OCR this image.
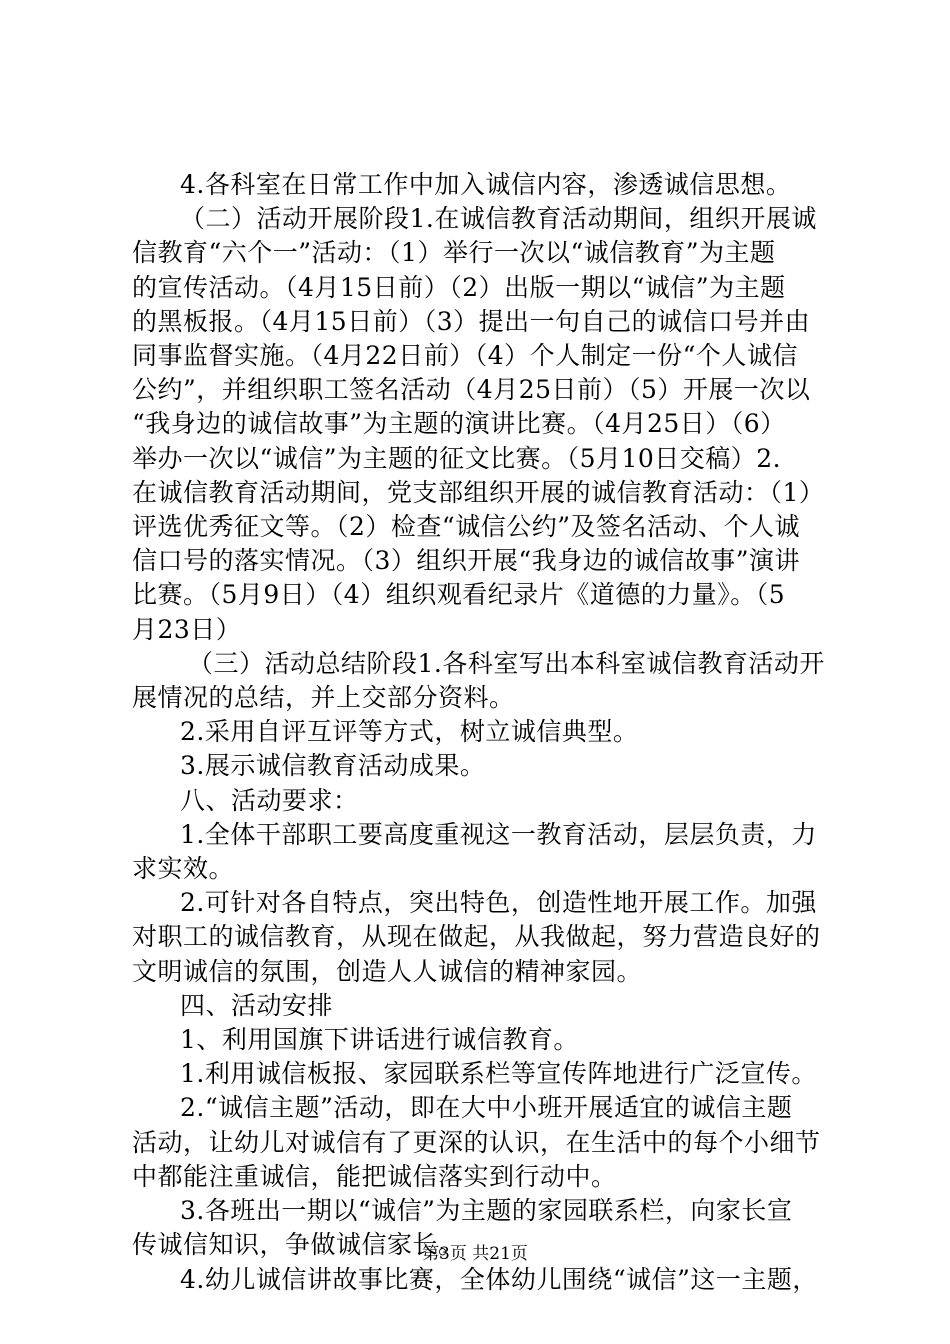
4.各科室在日常工作中加入诚信内容，渗透诚信思想。

（二）活动开展阶段1.在诚信教育活动期间，组织开展诚

信教育“六个一”活动：（1）举行一次以“诚信教育”为主题

的宣传活动。（4月15日前）（2）出版一期以“诚信”为主题

的黑板报。（4月15日前）（3）提出一句自己的诚信口号并由

同事监督实施。（4月22日前）（4）个人制定一份“个人诚信

公约”，并组织职工签名活动（4月25日前）（5）开展一次以

“我身边的诚信故事”为主题的演讲比赛。（4月25日）（6）

举办一次以“诚信”为主题的征文比赛。（5月10日交稿）2.

在诚信教育活动期间，党支部组织开展的诚信教育活动：（1）

评选优秀征文等。（2）检查“诚信公约”及签名活动、个人诚

信口号的落实情况。（3）组织开展“我身边的诚信故事”演讲

比赛。（5月9日）（4）组织观看纪录片《道德的力量》。（5

月23日）

（三）活动总结阶段1.各科室写出本科室诚信教育活动开

展情况的总结，并上交部分资料。

2.采用自评互评等方式，树立诚信典型。

3.展示诚信教育活动成果。

八、活动要求：

1.全体干部职工要高度重视这一教育活动，层层负责，力

求实效。

2.可针对各自特点，突出特色，创造性地开展工作。加强

对职工的诚信教育，从现在做起，从我做起，努力营造良好的

文明诚信的氛围，创造人人诚信的精神家园。

四、活动安排

1、利用国旗下讲话进行诚信教育。

1.利用诚信板报、家园联系栏等宣传阵地进行广泛宣传。

2.“诚信主题”活动，即在大中小班开展适宜的诚信主题

活动，让幼儿对诚信有了更深的认识，在生活中的每个小细节

中都能注重诚信，能把诚信落实到行动中。

3.各班出一期以“诚信”为主题的家园联系栏，向家长宣

传诚信知识，争做诚信家长。

4.幼儿诚信讲故事比赛，全体幼儿围绕“诚信”这一主题，

第3页 共21页
